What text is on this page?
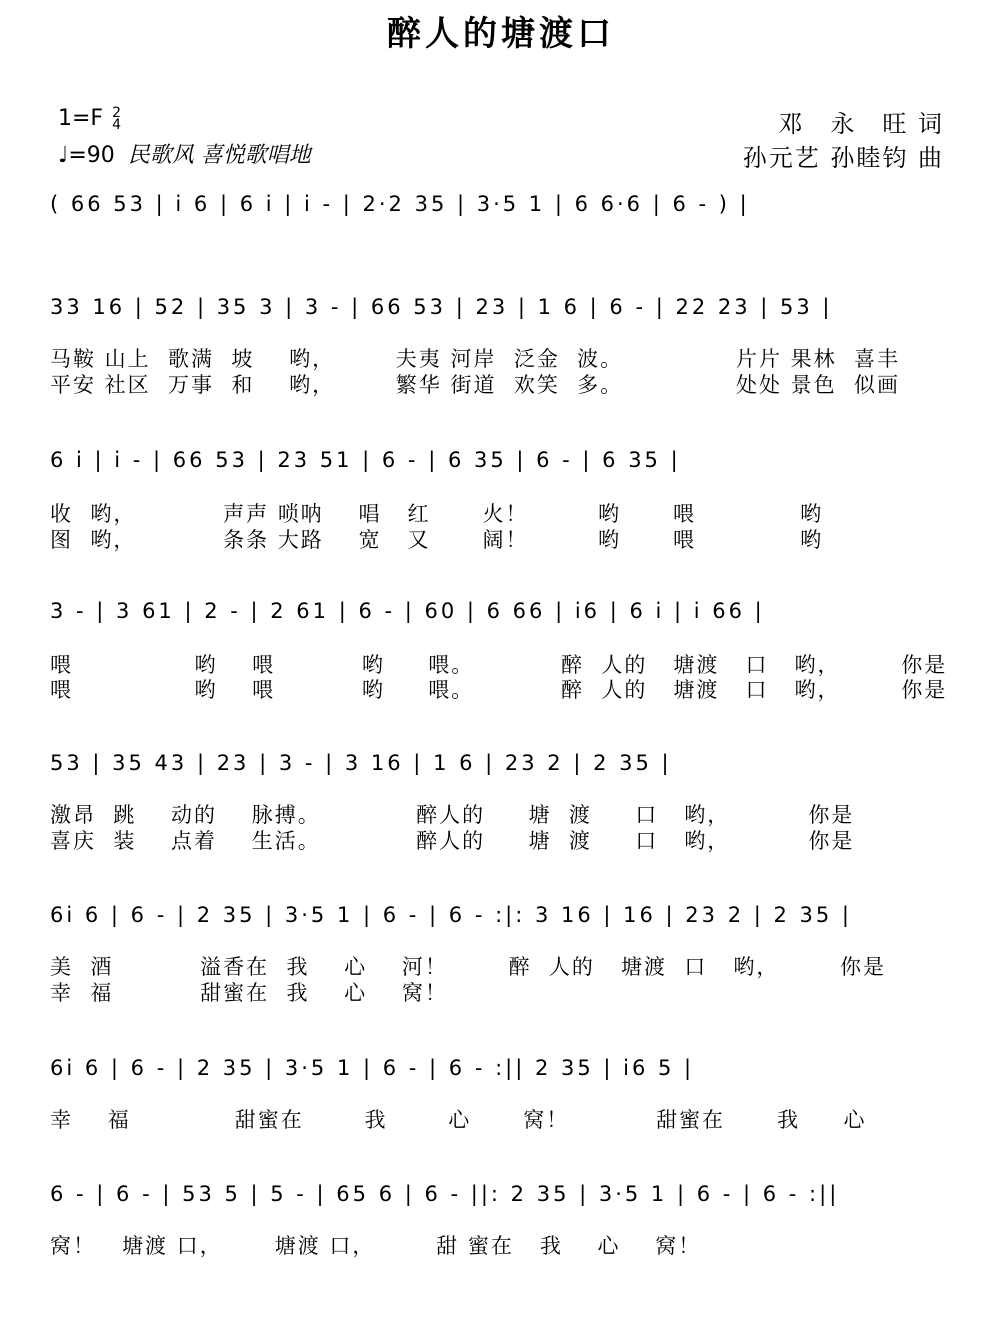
醉人的塘渡口
1=F 2
4
♩=90 民歌风 喜悦歌唱地
邓　永　旺 词
孙元艺 孙睦钧 曲
( 66 53 | i 6 | 6 i | i - | 2·2 35 | 3·5 1 | 6 6·6 | 6 - ) |
33 16 | 52 | 35 3 | 3 - | 66 53 | 23 | 1 6 | 6 - | 22 23 | 53 |
马鞍 山上  歌满  坡    哟，       夫夷 河岸  泛金  波。             片片 果林  喜丰
平安 社区  万事  和    哟，       繁华 街道  欢笑  多。             处处 景色  似画
6 i | i - | 66 53 | 23 51 | 6 - | 6 35 | 6 - | 6 35 |
收  哟，          声声 唢呐    唱   红      火！        哟      喂            哟
图  哟，          条条 大路    宽   又      阔！        哟      喂            哟
3 - | 3 61 | 2 - | 2 61 | 6 - | 60 | 6 66 | i6 | 6 i | i 66 |
喂              哟    喂          哟     喂。          醉  人的   塘渡   口   哟，       你是
喂              哟    喂          哟     喂。          醉  人的   塘渡   口   哟，       你是
53 | 35 43 | 23 | 3 - | 3 16 | 1 6 | 23 2 | 2 35 |
激昂  跳    动的    脉搏。           醉人的     塘  渡     口   哟，         你是
喜庆  装    点着    生活。           醉人的     塘  渡     口   哟，         你是
6i 6 | 6 - | 2 35 | 3·5 1 | 6 - | 6 - :|: 3 16 | 16 | 23 2 | 2 35 |
美  酒          溢香在  我    心    河！       醉  人的   塘渡  口   哟，       你是
幸  福          甜蜜在  我    心    窝！
6i 6 | 6 - | 2 35 | 3·5 1 | 6 - | 6 - :|| 2 35 | i6 5 |
幸    福            甜蜜在       我       心      窝！          甜蜜在      我     心
6 - | 6 - | 53 5 | 5 - | 65 6 | 6 - ||: 2 35 | 3·5 1 | 6 - | 6 - :||
窝！   塘渡 口，      塘渡 口，       甜 蜜在   我    心    窝！
